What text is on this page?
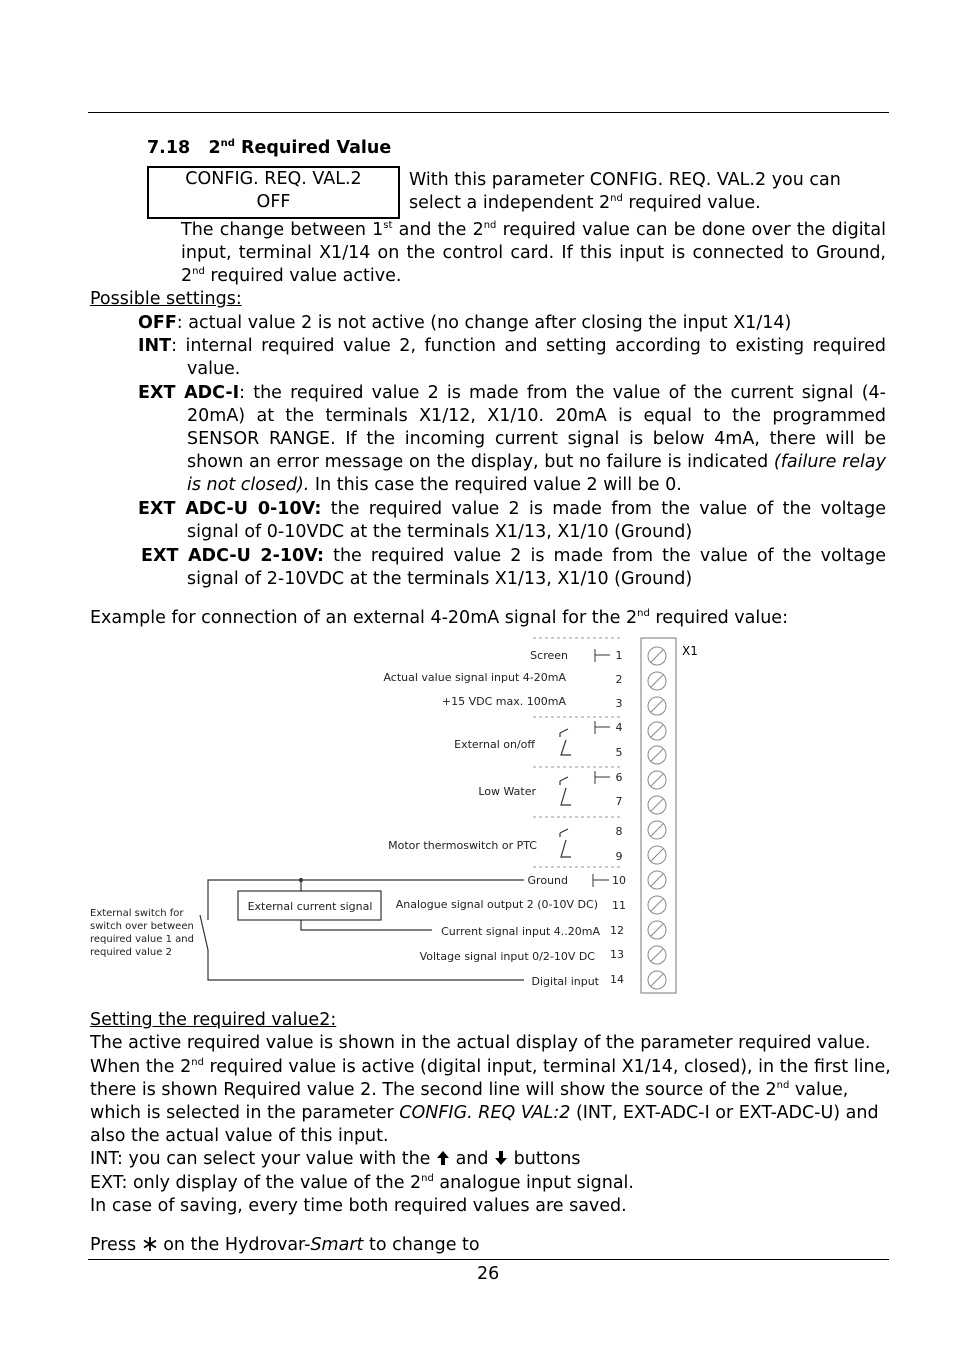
7.18 2nd Required Value
CONFIG. REQ. VAL.2
OFF
With this parameter CONFIG. REQ. VAL.2 you can
select a independent 2nd required value.
The change between 1st and the 2nd required value can be done over the digital input, terminal X1/14 on the control card. If this input is connected to Ground, 2nd required value active.
Possible settings:
OFF: actual value 2 is not active (no change after closing the input X1/14)
INT: internal required value 2, function and setting according to existing required value.
EXT ADC-I: the required value 2 is made from the value of the current signal (4-20mA) at the terminals X1/12, X1/10. 20mA is equal to the programmed SENSOR RANGE. If the incoming current signal is below 4mA, there will be shown an error message on the display, but no failure is indicated (failure relay is not closed). In this case the required value 2 will be 0.
EXT ADC-U 0-10V: the required value 2 is made from the value of the voltage signal of 0-10VDC at the terminals X1/13, X1/10 (Ground)
EXT ADC-U 2-10V: the required value 2 is made from the value of the voltage signal of 2-10VDC at the terminals X1/13, X1/10 (Ground)
Example for connection of an external 4-20mA signal for the 2nd required value:
X1
Screen
Actual value signal input 4-20mA
+15 VDC max. 100mA
External on/off
Low Water
Motor thermoswitch or PTC
Ground
Analogue signal output 2 (0-10V DC)
Current signal input 4..20mA
Voltage signal input 0/2-10V DC
Digital input
1
2
3
4
5
6
7
8
9
10
11
12
13
14
External current signal
External switch for
switch over between
required value 1 and
required value 2
Setting the required value2:
The active required value is shown in the actual display of the parameter required value.
When the 2nd required value is active (digital input, terminal X1/14, closed), in the first line,
there is shown Required value 2. The second line will show the source of the 2nd value,
which is selected in the parameter CONFIG. REQ VAL:2 (INT, EXT-ADC-I or EXT-ADC-U) and
also the actual value of this input.
INT: you can select your value with the  and  buttons
EXT: only display of the value of the 2nd analogue input signal.
In case of saving, every time both required values are saved.
Press  on the Hydrovar-Smart to change to
26
